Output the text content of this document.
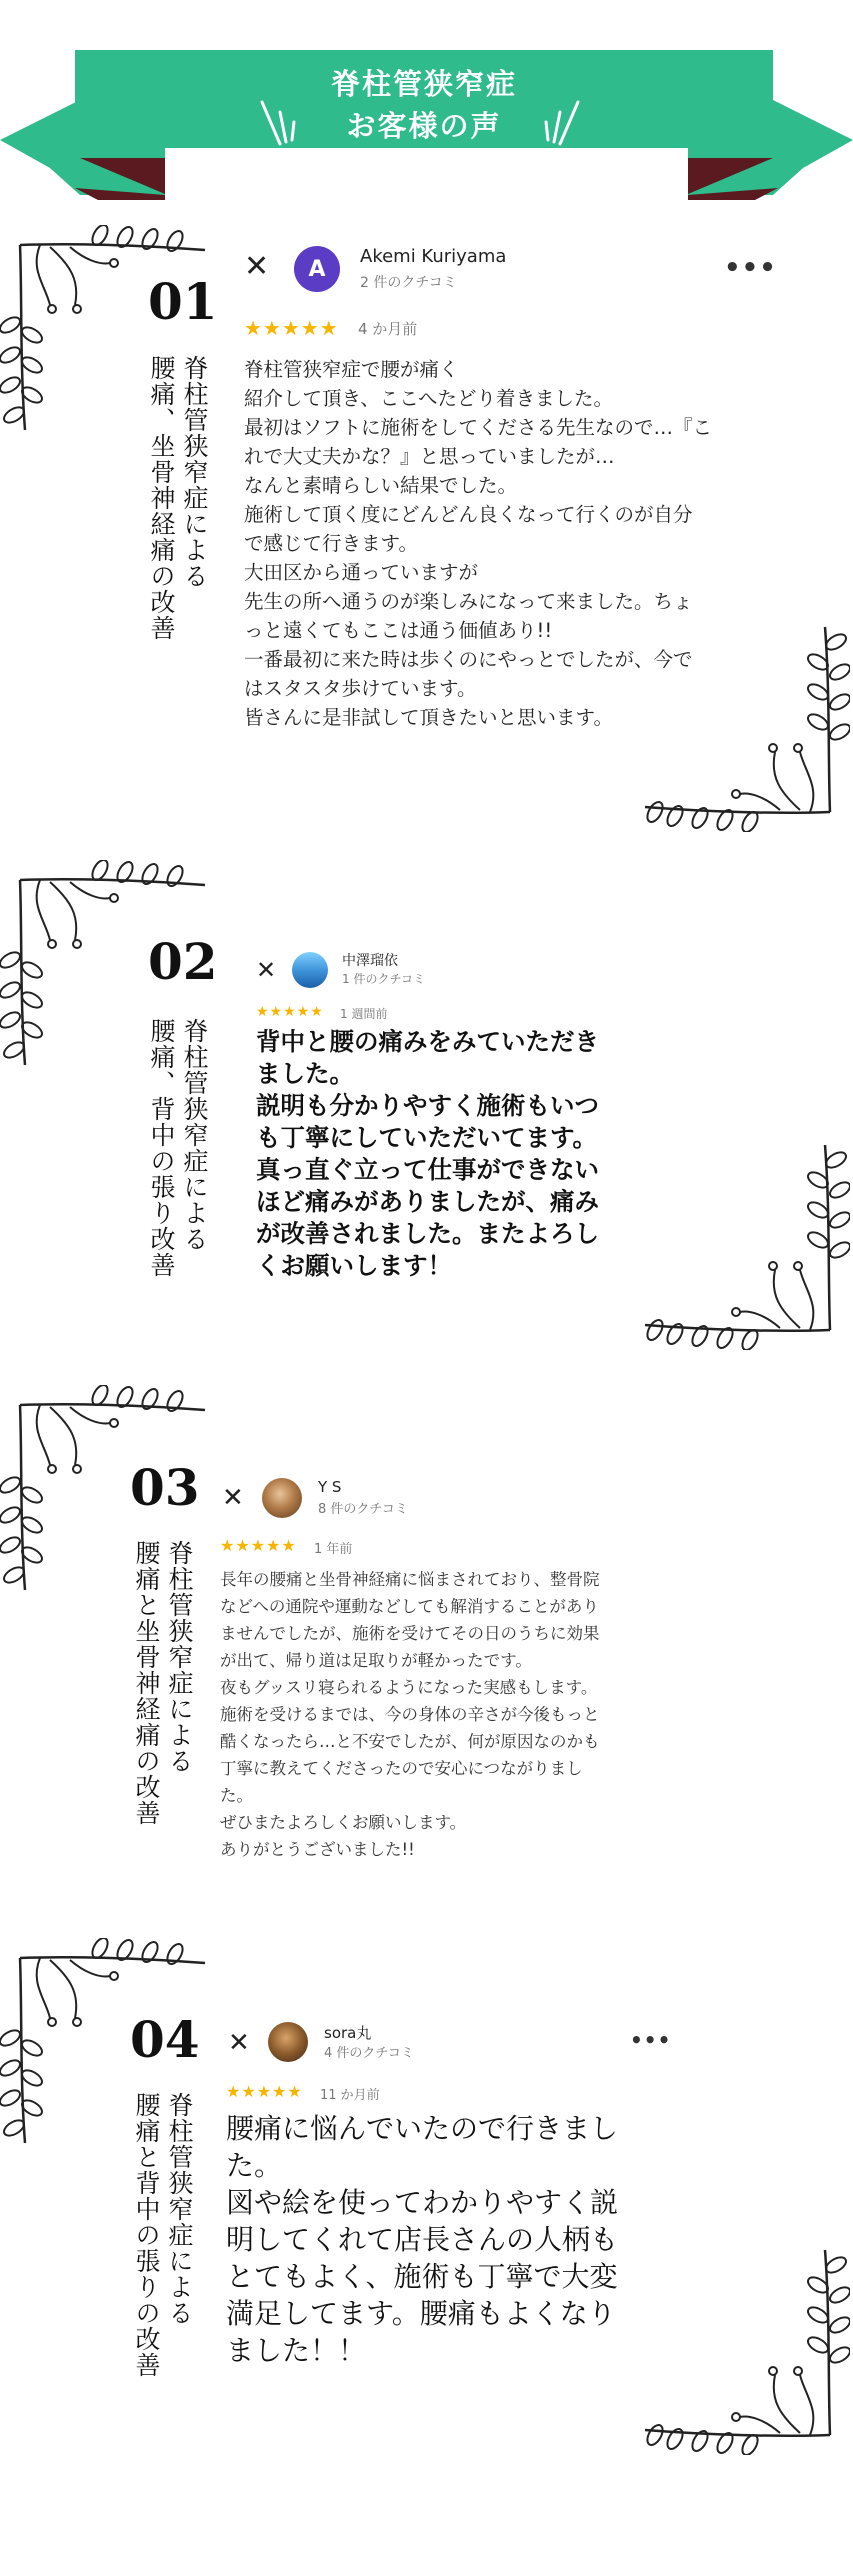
脊柱管狭窄症
お客様の声
01
脊柱管狭窄症による
腰痛、坐骨神経痛の改善
✕	A	Akemi Kuriyama
2 件のクチコミ	•••
★★★★★ 4 か月前

脊柱管狭窄症で腰が痛く

紹介して頂き、ここへたどり着きました。

最初はソフトに施術をしてくださる先生なので…『こ

れで大丈夫かな？』と思っていましたが…

なんと素晴らしい結果でした。

施術して頂く度にどんどん良くなって行くのが自分

で感じて行きます。

大田区から通っていますが

先生の所へ通うのが楽しみになって来ました。ちょ

っと遠くてもここは通う価値あり!!

一番最初に来た時は歩くのにやっとでしたが、今で

はスタスタ歩けています。

皆さんに是非試して頂きたいと思います。

02
脊柱管狭窄症による
腰痛、背中の張り改善
✕	中澤瑠依
1 件のクチコミ
★★★★★ 1 週間前

背中と腰の痛みをみていただき

ました。

説明も分かりやすく施術もいつ

も丁寧にしていただいてます。

真っ直ぐ立って仕事ができない

ほど痛みがありましたが、痛み

が改善されました。またよろし

くお願いします！

03
脊柱管狭窄症による
腰痛と坐骨神経痛の改善
✕	Y S
8 件のクチコミ
★★★★★ 1 年前

長年の腰痛と坐骨神経痛に悩まされており、整骨院

などへの通院や運動などしても解消することがあり

ませんでしたが、施術を受けてその日のうちに効果

が出て、帰り道は足取りが軽かったです。

夜もグッスリ寝られるようになった実感もします。

施術を受けるまでは、今の身体の辛さが今後もっと

酷くなったら…と不安でしたが、何が原因なのかも

丁寧に教えてくださったので安心につながりまし

た。

ぜひまたよろしくお願いします。

ありがとうございました!!

04
脊柱管狭窄症による
腰痛と背中の張りの改善
✕	sora丸
4 件のクチコミ
•••
★★★★★ 11 か月前

腰痛に悩んでいたので行きまし

た。

図や絵を使ってわかりやすく説

明してくれて店長さんの人柄も

とてもよく、施術も丁寧で大変

満足してます。腰痛もよくなり

ました！！
